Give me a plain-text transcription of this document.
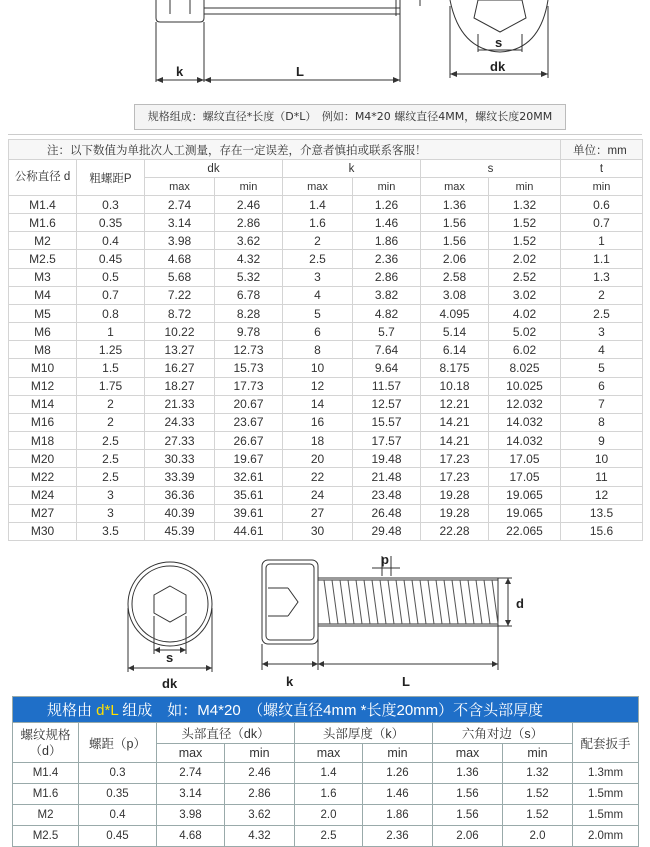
k	L
s
dk
规格组成：螺纹直径*长度（D*L）　例如：M4*20 螺纹直径4MM，螺纹长度20MM
注：以下数值为单批次人工测量，存在一定误差，介意者慎拍或联系客服！								单位：mm
公称直径 d	粗螺距P	dk		k		s		t
		max	min	max	min	max	min	min
M1.4	0.3	2.74	2.46	1.4	1.26	1.36	1.32	0.6
M1.6	0.35	3.14	2.86	1.6	1.46	1.56	1.52	0.7
M2	0.4	3.98	3.62	2	1.86	1.56	1.52	1
M2.5	0.45	4.68	4.32	2.5	2.36	2.06	2.02	1.1
M3	0.5	5.68	5.32	3	2.86	2.58	2.52	1.3
M4	0.7	7.22	6.78	4	3.82	3.08	3.02	2
M5	0.8	8.72	8.28	5	4.82	4.095	4.02	2.5
M6	1	10.22	9.78	6	5.7	5.14	5.02	3
M8	1.25	13.27	12.73	8	7.64	6.14	6.02	4
M10	1.5	16.27	15.73	10	9.64	8.175	8.025	5
M12	1.75	18.27	17.73	12	11.57	10.18	10.025	6
M14	2	21.33	20.67	14	12.57	12.21	12.032	7
M16	2	24.33	23.67	16	15.57	14.21	14.032	8
M18	2.5	27.33	26.67	18	17.57	14.21	14.032	9
M20	2.5	30.33	19.67	20	19.48	17.23	17.05	10
M22	2.5	33.39	32.61	22	21.48	17.23	17.05	11
M24	3	36.36	35.61	24	23.48	19.28	19.065	12
M27	3	40.39	39.61	27	26.48	19.28	19.065	13.5
M30	3.5	45.39	44.61	30	29.48	22.28	22.065	15.6
s
dk
p
d
k	L
规格由 d*L 组成　如：M4*20　（螺纹直径4mm *长度20mm）不含头部厚度								
螺纹规格（d）	螺距（p）	头部直径（dk）		头部厚度（k）		六角对边（s）		配套扳手
		max	min	max	min	max	min	
M1.4	0.3	2.74	2.46	1.4	1.26	1.36	1.32	1.3mm
M1.6	0.35	3.14	2.86	1.6	1.46	1.56	1.52	1.5mm
M2	0.4	3.98	3.62	2.0	1.86	1.56	1.52	1.5mm
M2.5	0.45	4.68	4.32	2.5	2.36	2.06	2.0	2.0mm
